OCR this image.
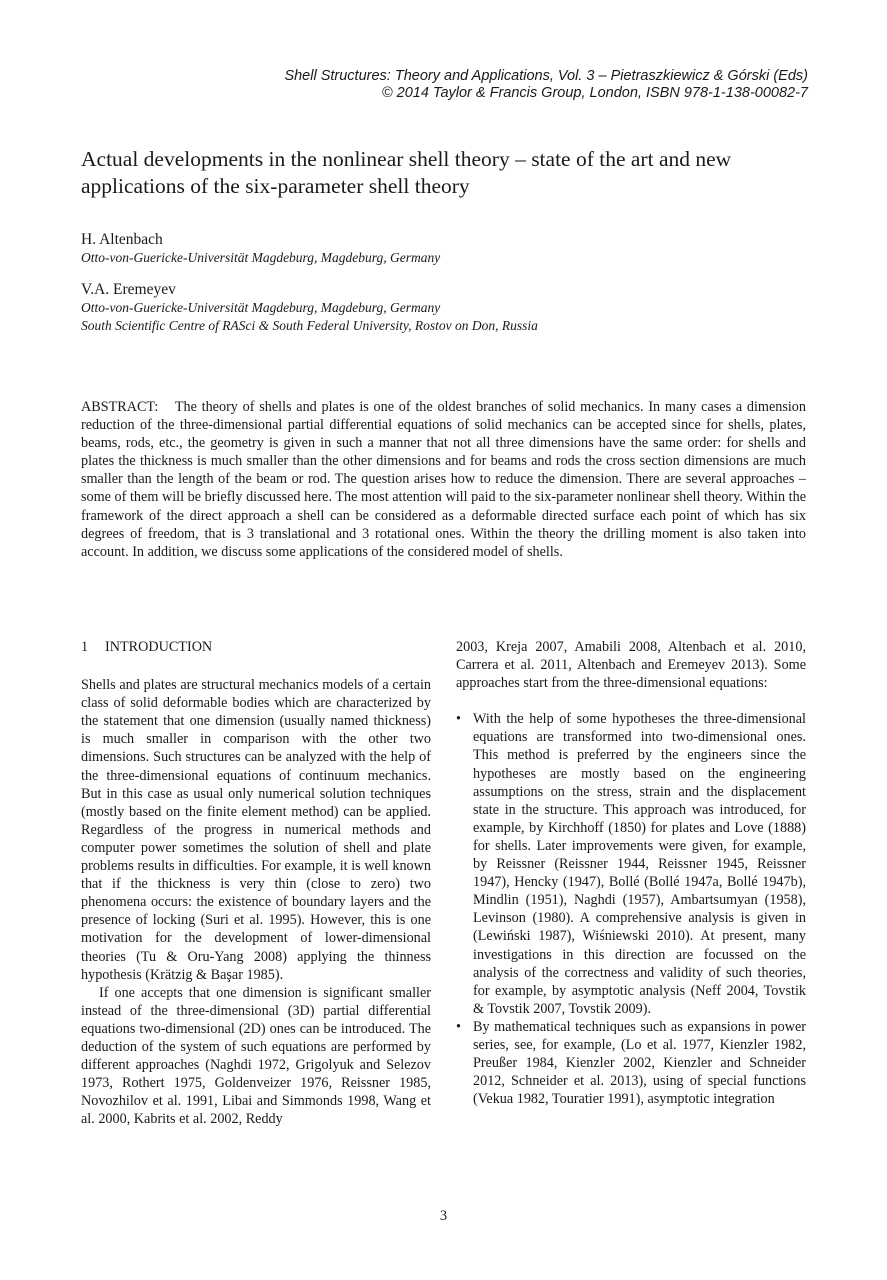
Shell Structures: Theory and Applications, Vol. 3 – Pietraszkiewicz & Górski (Eds)
© 2014 Taylor & Francis Group, London, ISBN 978-1-138-00082-7
Actual developments in the nonlinear shell theory – state of the art and new applications of the six-parameter shell theory
H. Altenbach
Otto-von-Guericke-Universität Magdeburg, Magdeburg, Germany
V.A. Eremeyev
Otto-von-Guericke-Universität Magdeburg, Magdeburg, Germany
South Scientific Centre of RASci & South Federal University, Rostov on Don, Russia
ABSTRACT: The theory of shells and plates is one of the oldest branches of solid mechanics. In many cases a dimension reduction of the three-dimensional partial differential equations of solid mechanics can be accepted since for shells, plates, beams, rods, etc., the geometry is given in such a manner that not all three dimensions have the same order: for shells and plates the thickness is much smaller than the other dimensions and for beams and rods the cross section dimensions are much smaller than the length of the beam or rod. The question arises how to reduce the dimension. There are several approaches – some of them will be briefly discussed here. The most attention will paid to the six-parameter nonlinear shell theory. Within the framework of the direct approach a shell can be considered as a deformable directed surface each point of which has six degrees of freedom, that is 3 translational and 3 rotational ones. Within the theory the drilling moment is also taken into account. In addition, we discuss some applications of the considered model of shells.
1 INTRODUCTION

Shells and plates are structural mechanics models of a certain class of solid deformable bodies which are characterized by the statement that one dimension (usually named thickness) is much smaller in comparison with the other two dimensions. Such structures can be analyzed with the help of the three-dimensional equations of continuum mechanics. But in this case as usual only numerical solution techniques (mostly based on the finite element method) can be applied. Regardless of the progress in numerical methods and computer power sometimes the solution of shell and plate problems results in difficulties. For example, it is well known that if the thickness is very thin (close to zero) two phenomena occurs: the existence of boundary layers and the presence of locking (Suri et al. 1995). However, this is one motivation for the development of lower-dimensional theories (Tu & Oru-Yang 2008) applying the thinness hypothesis (Krätzig & Başar 1985).

If one accepts that one dimension is significant smaller instead of the three-dimensional (3D) partial differential equations two-dimensional (2D) ones can be introduced. The deduction of the system of such equations are performed by different approaches (Naghdi 1972, Grigolyuk and Selezov 1973, Rothert 1975, Goldenveizer 1976, Reissner 1985, Novozhilov et al. 1991, Libai and Simmonds 1998, Wang et al. 2000, Kabrits et al. 2002, Reddy

2003, Kreja 2007, Amabili 2008, Altenbach et al. 2010, Carrera et al. 2011, Altenbach and Eremeyev 2013). Some approaches start from the three-dimensional equations:

• With the help of some hypotheses the three-dimensional equations are transformed into two-dimensional ones. This method is preferred by the engineers since the hypotheses are mostly based on the engineering assumptions on the stress, strain and the displacement state in the structure. This approach was introduced, for example, by Kirchhoff (1850) for plates and Love (1888) for shells. Later improvements were given, for example, by Reissner (Reissner 1944, Reissner 1945, Reissner 1947), Hencky (1947), Bollé (Bollé 1947a, Bollé 1947b), Mindlin (1951), Naghdi (1957), Ambartsumyan (1958), Levinson (1980). A comprehensive analysis is given in (Lewiński 1987), Wiśniewski 2010). At present, many investigations in this direction are focussed on the analysis of the correctness and validity of such theories, for example, by asymptotic analysis (Neff 2004, Tovstik & Tovstik 2007, Tovstik 2009).
• By mathematical techniques such as expansions in power series, see, for example, (Lo et al. 1977, Kienzler 1982, Preußer 1984, Kienzler 2002, Kienzler and Schneider 2012, Schneider et al. 2013), using of special functions (Vekua 1982, Touratier 1991), asymptotic integration
3
